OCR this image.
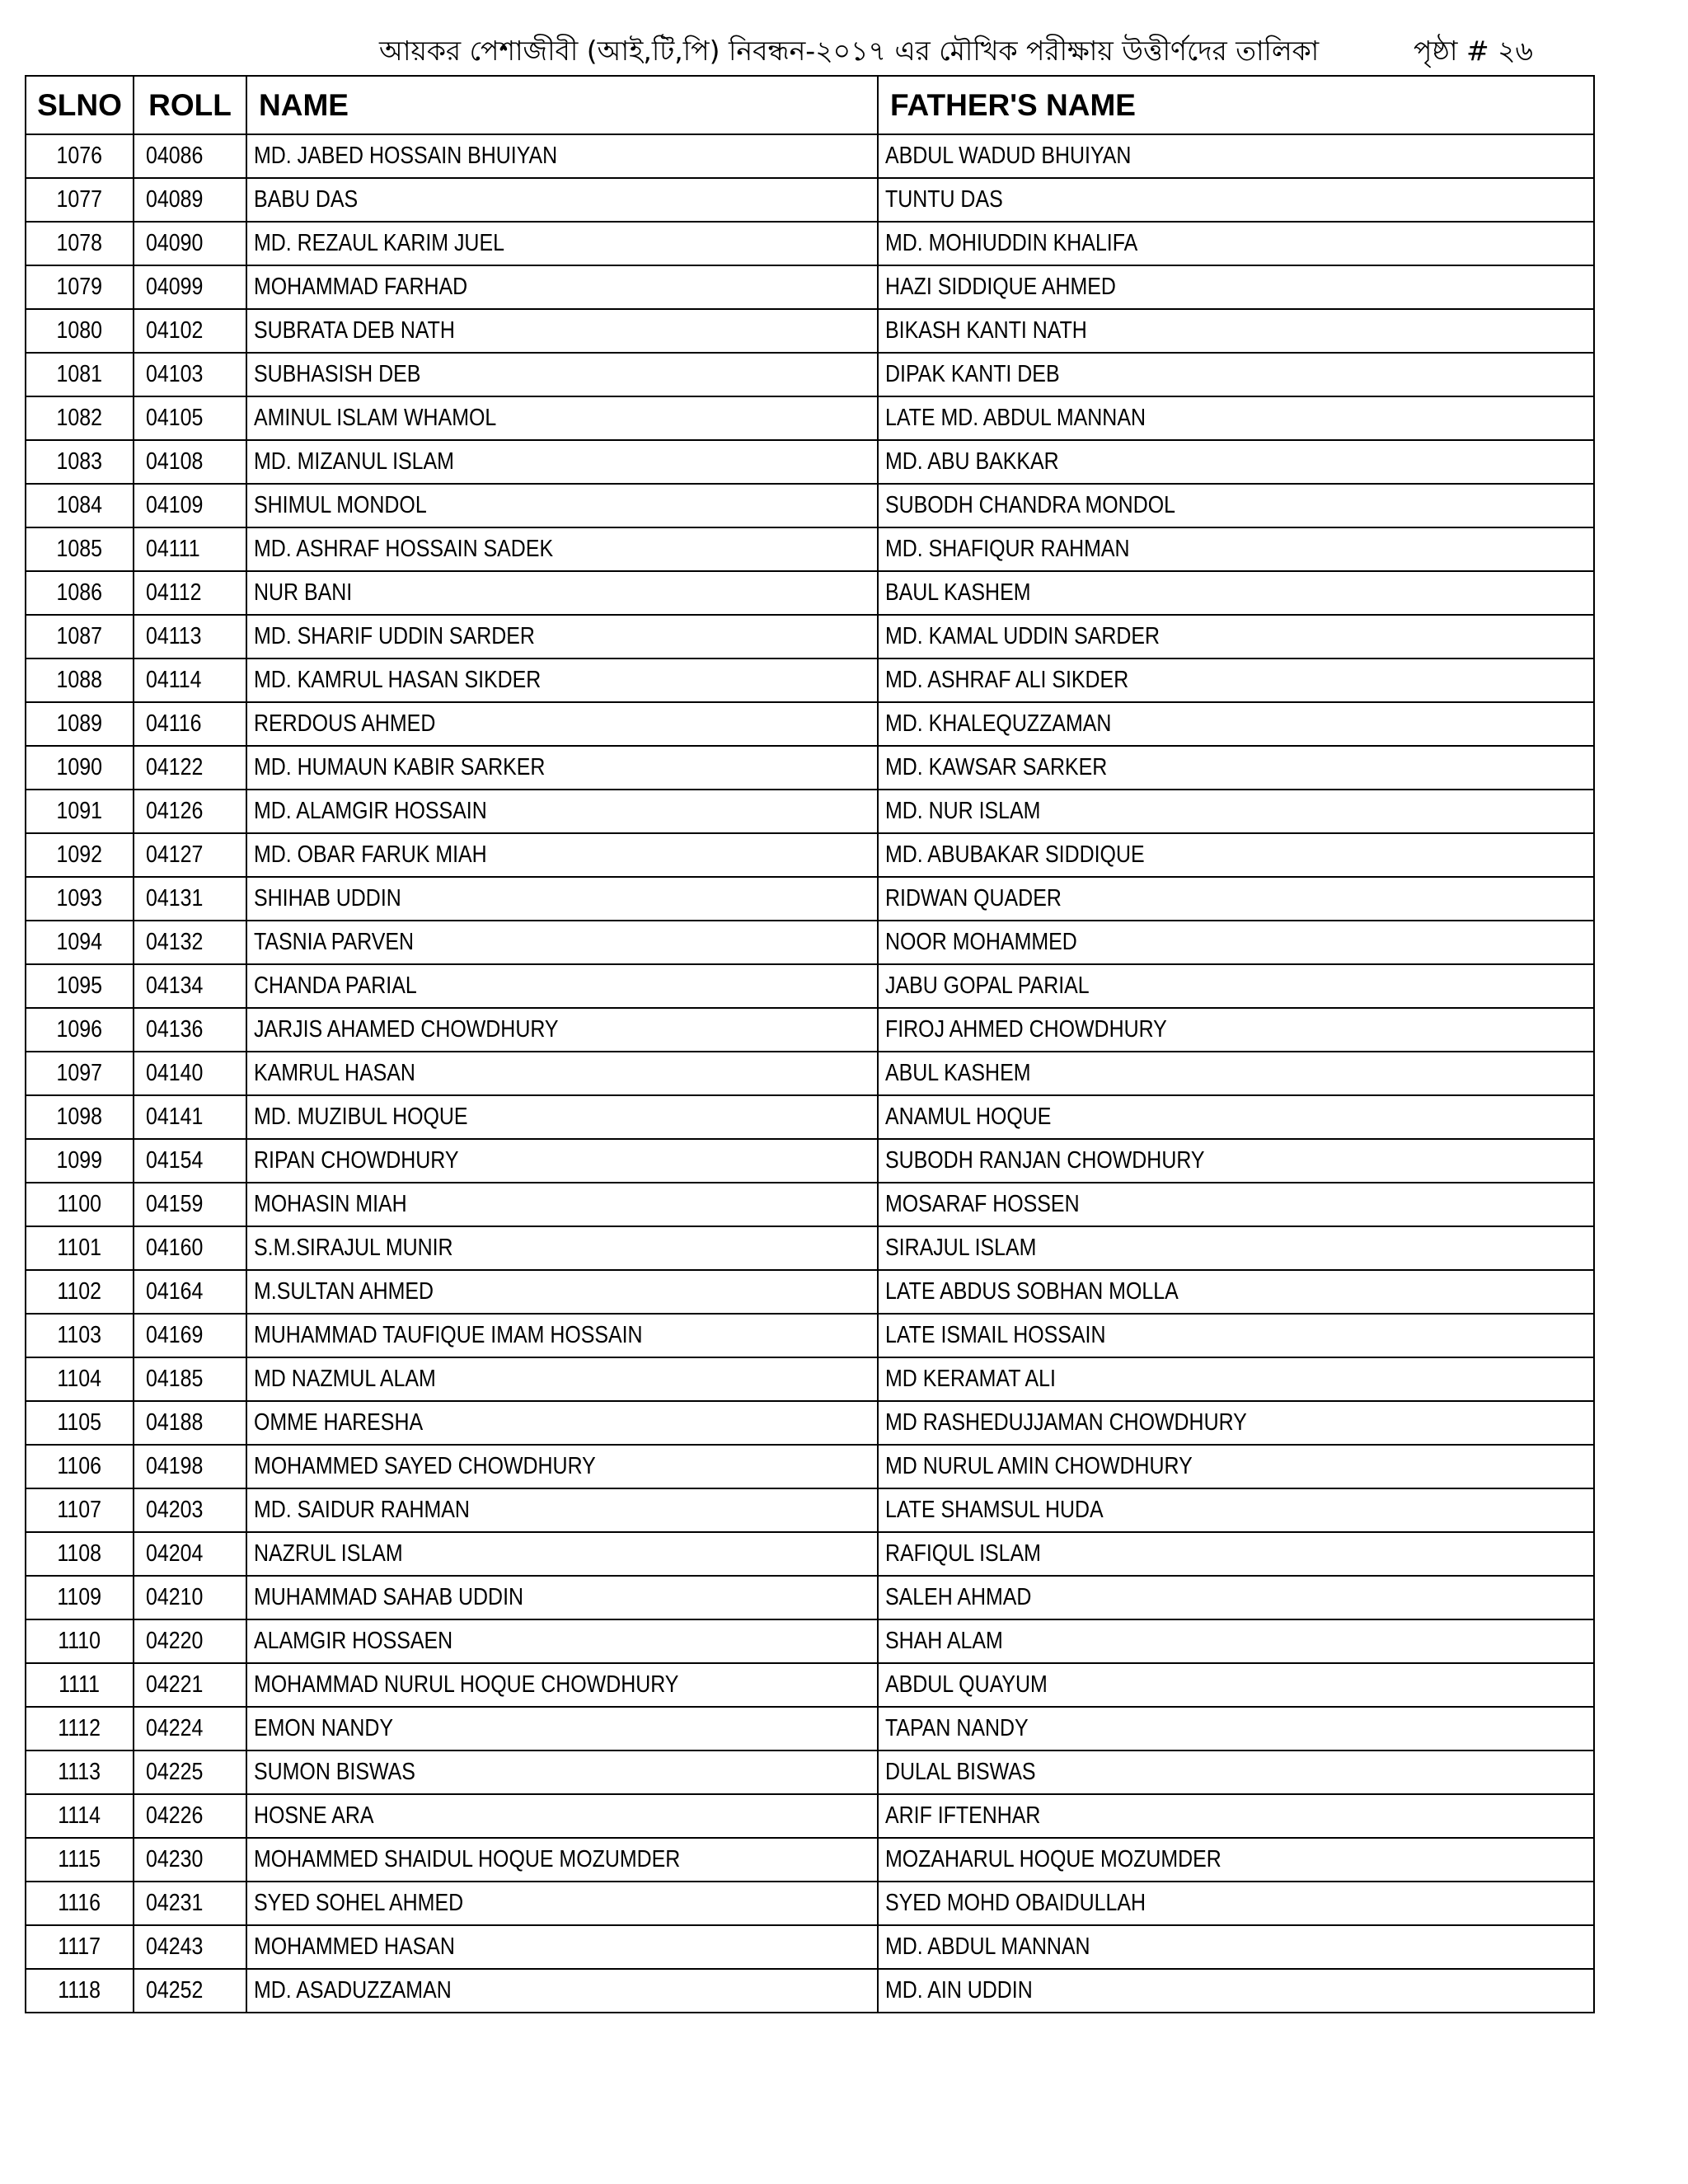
আয়কর পেশাজীবী (আই,টি,পি) নিবন্ধন-২০১৭ এর মৌখিক পরীক্ষায় উত্তীর্ণদের তালিকা	পৃষ্ঠা # ২৬
SLNO	ROLL	NAME	FATHER'S NAME
1076	04086	MD. JABED HOSSAIN BHUIYAN	ABDUL WADUD BHUIYAN
1077	04089	BABU DAS	TUNTU DAS
1078	04090	MD. REZAUL KARIM JUEL	MD. MOHIUDDIN KHALIFA
1079	04099	MOHAMMAD FARHAD	HAZI SIDDIQUE AHMED
1080	04102	SUBRATA DEB NATH	BIKASH KANTI NATH
1081	04103	SUBHASISH DEB	DIPAK KANTI DEB
1082	04105	AMINUL ISLAM WHAMOL	LATE MD. ABDUL MANNAN
1083	04108	MD. MIZANUL ISLAM	MD. ABU BAKKAR
1084	04109	SHIMUL MONDOL	SUBODH CHANDRA MONDOL
1085	04111	MD. ASHRAF HOSSAIN SADEK	MD. SHAFIQUR RAHMAN
1086	04112	NUR BANI	BAUL KASHEM
1087	04113	MD. SHARIF UDDIN SARDER	MD. KAMAL UDDIN SARDER
1088	04114	MD. KAMRUL HASAN SIKDER	MD. ASHRAF ALI SIKDER
1089	04116	RERDOUS AHMED	MD. KHALEQUZZAMAN
1090	04122	MD. HUMAUN KABIR SARKER	MD. KAWSAR SARKER
1091	04126	MD. ALAMGIR HOSSAIN	MD. NUR ISLAM
1092	04127	MD. OBAR FARUK MIAH	MD. ABUBAKAR SIDDIQUE
1093	04131	SHIHAB UDDIN	RIDWAN QUADER
1094	04132	TASNIA PARVEN	NOOR MOHAMMED
1095	04134	CHANDA PARIAL	JABU GOPAL PARIAL
1096	04136	JARJIS AHAMED CHOWDHURY	FIROJ AHMED CHOWDHURY
1097	04140	KAMRUL HASAN	ABUL KASHEM
1098	04141	MD. MUZIBUL HOQUE	ANAMUL HOQUE
1099	04154	RIPAN CHOWDHURY	SUBODH RANJAN CHOWDHURY
1100	04159	MOHASIN MIAH	MOSARAF HOSSEN
1101	04160	S.M.SIRAJUL MUNIR	SIRAJUL ISLAM
1102	04164	M.SULTAN AHMED	LATE ABDUS SOBHAN MOLLA
1103	04169	MUHAMMAD TAUFIQUE IMAM HOSSAIN	LATE ISMAIL HOSSAIN
1104	04185	MD NAZMUL ALAM	MD KERAMAT ALI
1105	04188	OMME HARESHA	MD RASHEDUJJAMAN CHOWDHURY
1106	04198	MOHAMMED SAYED CHOWDHURY	MD NURUL AMIN CHOWDHURY
1107	04203	MD. SAIDUR RAHMAN	LATE SHAMSUL HUDA
1108	04204	NAZRUL ISLAM	RAFIQUL ISLAM
1109	04210	MUHAMMAD SAHAB UDDIN	SALEH AHMAD
1110	04220	ALAMGIR HOSSAEN	SHAH ALAM
1111	04221	MOHAMMAD NURUL HOQUE CHOWDHURY	ABDUL QUAYUM
1112	04224	EMON NANDY	TAPAN NANDY
1113	04225	SUMON BISWAS	DULAL BISWAS
1114	04226	HOSNE ARA	ARIF IFTENHAR
1115	04230	MOHAMMED SHAIDUL HOQUE MOZUMDER	MOZAHARUL HOQUE MOZUMDER
1116	04231	SYED SOHEL AHMED	SYED MOHD OBAIDULLAH
1117	04243	MOHAMMED HASAN	MD. ABDUL MANNAN
1118	04252	MD. ASADUZZAMAN	MD. AIN UDDIN
